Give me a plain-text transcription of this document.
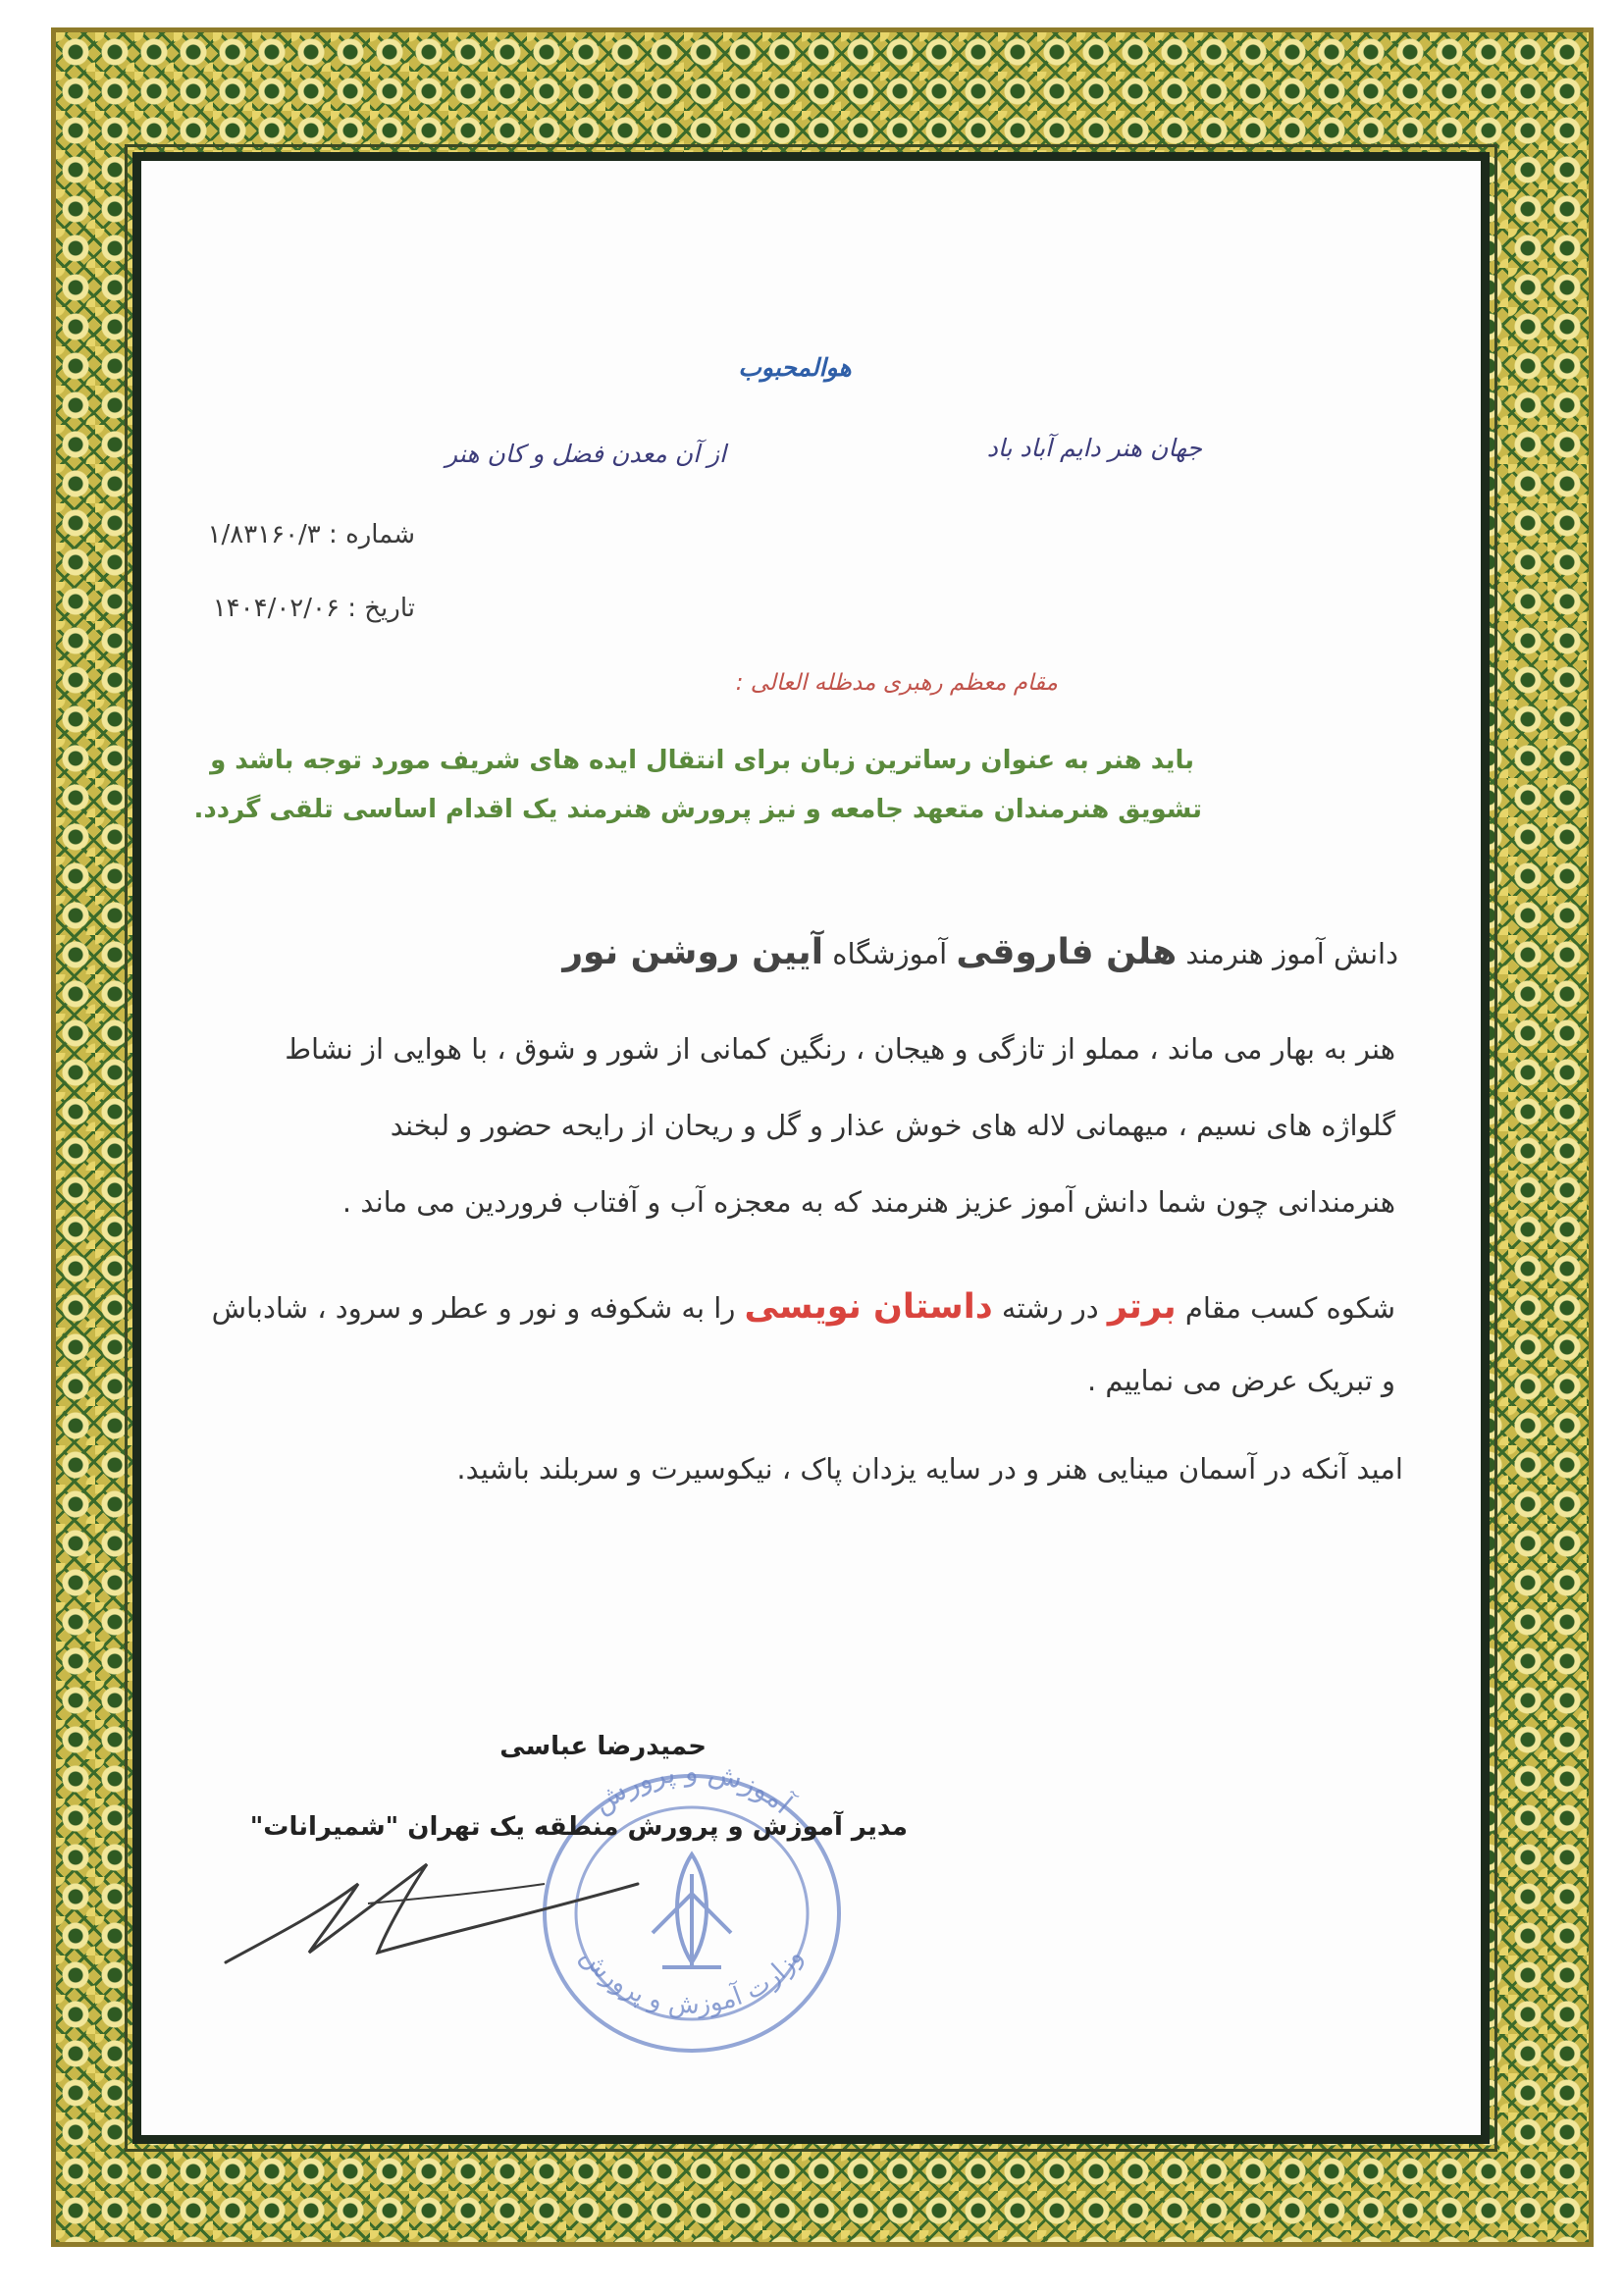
هوالمحبوب
جهان هنر دایم آباد باد
از آن معدن فضل و کان هنر
شماره : ۱/۸۳۱۶۰/۳
تاریخ : ۱۴۰۴/۰۲/۰۶
مقام معظم رهبری مدظله العالی :
باید هنر به عنوان رساترین زبان برای انتقال ایده های شریف مورد توجه باشد و
تشویق هنرمندان متعهد جامعه و نیز پرورش هنرمند یک اقدام اساسی تلقی گردد.
دانش آموز هنرمند هلن فاروقی آموزشگاه آیین روشن نور
هنر به بهار می ماند ، مملو از تازگی و هیجان ، رنگین کمانی از شور و شوق ، با هوایی از نشاط
گلواژه های نسیم ، میهمانی لاله های خوش عذار و گل و ریحان از رایحه حضور و لبخند
هنرمندانی چون شما دانش آموز عزیز هنرمند که به معجزه آب و آفتاب فروردین می ماند .
شکوه کسب مقام برتر در رشته داستان نویسی را به شکوفه و نور و عطر و سرود ، شادباش
و تبریک عرض می نماییم .
امید آنکه در آسمان مینایی هنر و در سایه یزدان پاک ، نیکوسیرت و سربلند باشید.
آموزش و پرورش
وزارت آموزش و پرورش
حمیدرضا عباسی
مدیر آموزش و پرورش منطقه یک تهران "شمیرانات"
